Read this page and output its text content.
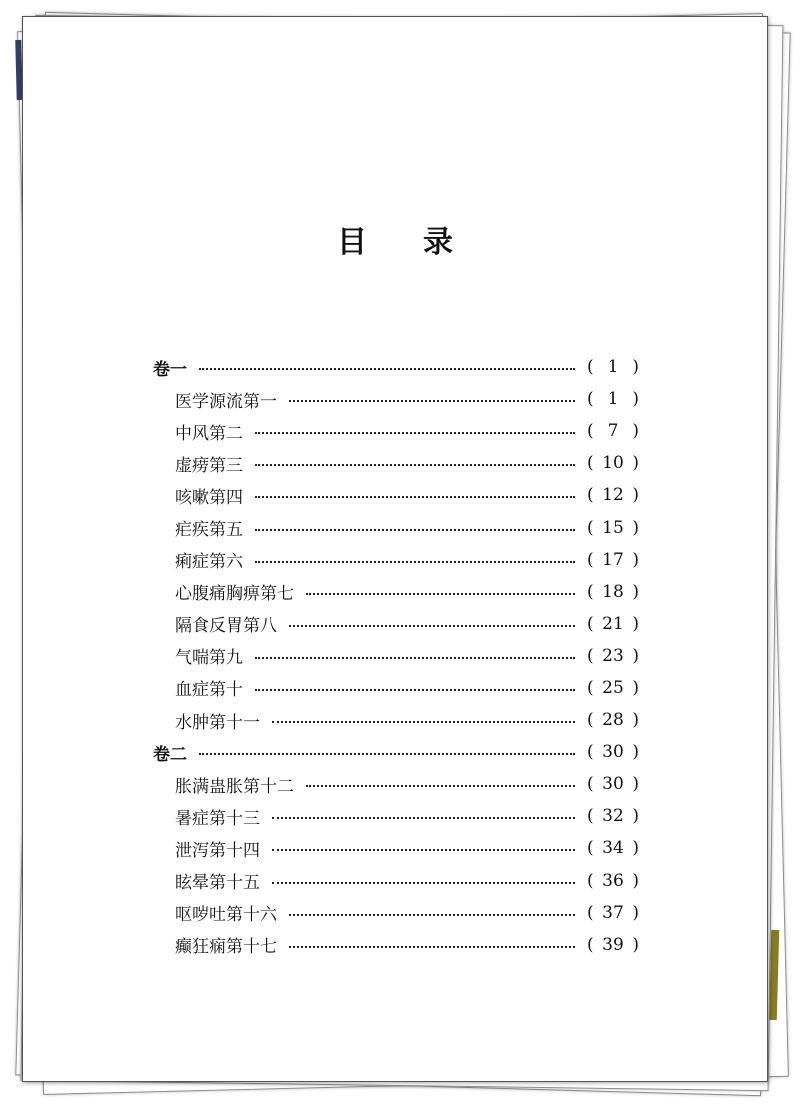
目 录
卷一	( 1 )
医学源流第一	( 1 )
中风第二	( 7 )
虚痨第三	( 10 )
咳嗽第四	( 12 )
疟疾第五	( 15 )
痢症第六	( 17 )
心腹痛胸痹第七	( 18 )
隔食反胃第八	( 21 )
气喘第九	( 23 )
血症第十	( 25 )
水肿第十一	( 28 )
卷二	( 30 )
胀满蛊胀第十二	( 30 )
暑症第十三	( 32 )
泄泻第十四	( 34 )
眩晕第十五	( 36 )
呕哕吐第十六	( 37 )
癫狂痫第十七	( 39 )
